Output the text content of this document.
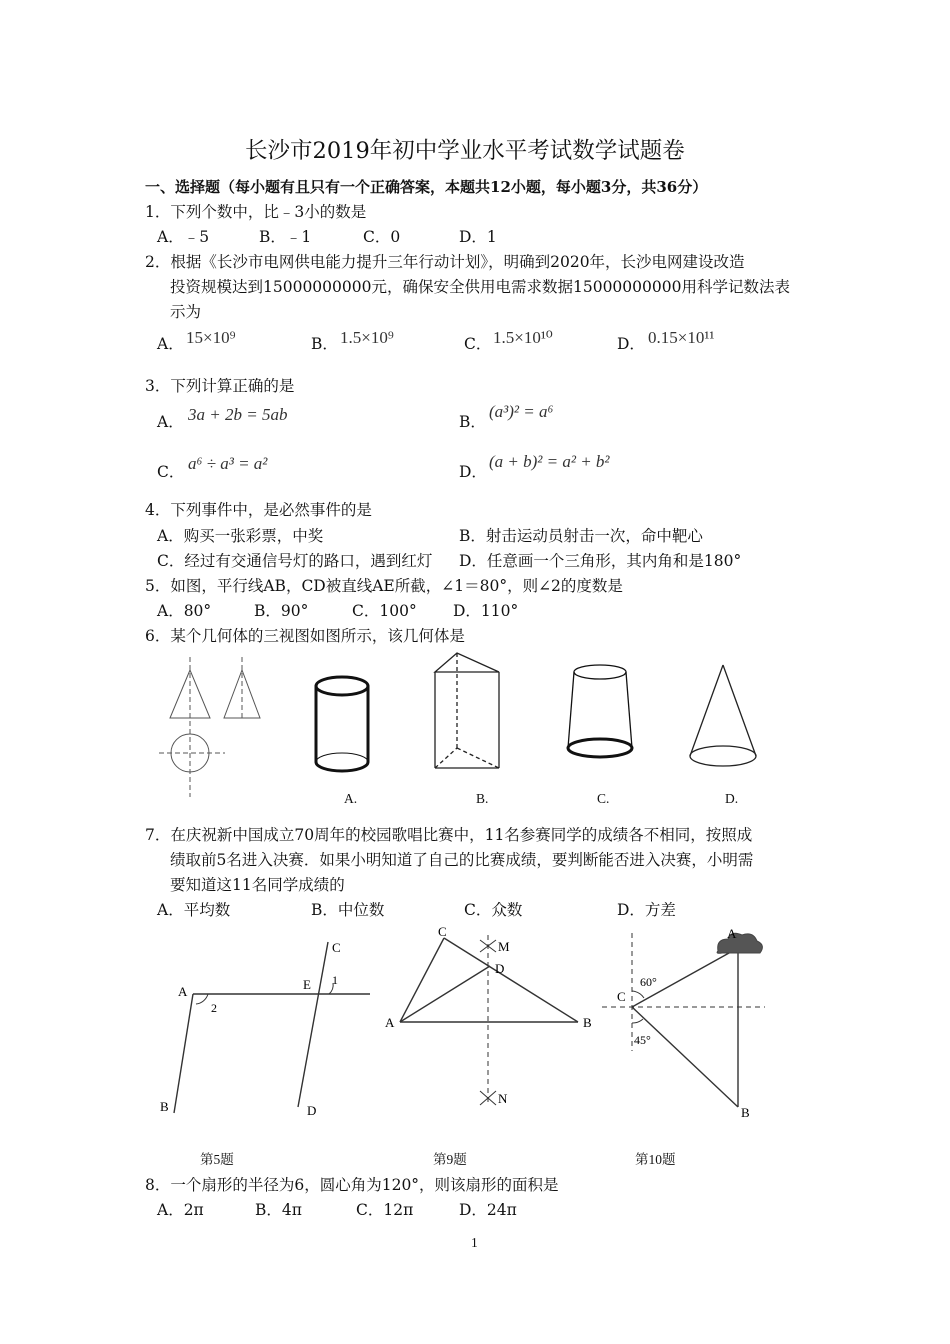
长沙市2019年初中学业水平考试数学试题卷
一、选择题（每小题有且只有一个正确答案，本题共12小题，每小题3分，共36分）
1．下列个数中，比﹣3小的数是
A．﹣5	B．﹣1	C．0	D．1
2．根据《长沙市电网供电能力提升三年行动计划》，明确到2020年，长沙电网建设改造
投资规模达到15000000000元，确保安全供用电需求数据15000000000用科学记数法表
示为
A． 15×10⁹	B． 1.5×10⁹	C． 1.5×10¹⁰	D． 0.15×10¹¹
3．下列计算正确的是
A． 3a + 2b = 5ab	B．
(a³)² = a⁶
C． a⁶ ÷ a³ = a²	D．
(a + b)² = a² + b²
4．下列事件中，是必然事件的是
A．购买一张彩票，中奖	B．射击运动员射击一次，命中靶心
C．经过有交通信号灯的路口，遇到红灯 D．任意画一个三角形，其内角和是180°
5．如图，平行线AB，CD被直线AE所截，∠1＝80°，则∠2的度数是
A．80°	B．90°	C．100° D．110°
6．某个几何体的三视图如图所示，该几何体是
A.	B.	C.	D.
7．在庆祝新中国成立70周年的校园歌唱比赛中，11名参赛同学的成绩各不相同，按照成
绩取前5名进入决赛．如果小明知道了自己的比赛成绩，要判断能否进入决赛，小明需
要知道这11名同学成绩的
A．平均数	B．中位数	C．众数	D．方差
A
B
C
D
E 1
2
A	B
C
D
M
N
A
B
C
60°
45°
第5题	第9题	第10题
8．一个扇形的半径为6，圆心角为120°，则该扇形的面积是
A．2π	B．4π	C．12π	D．24π
1
